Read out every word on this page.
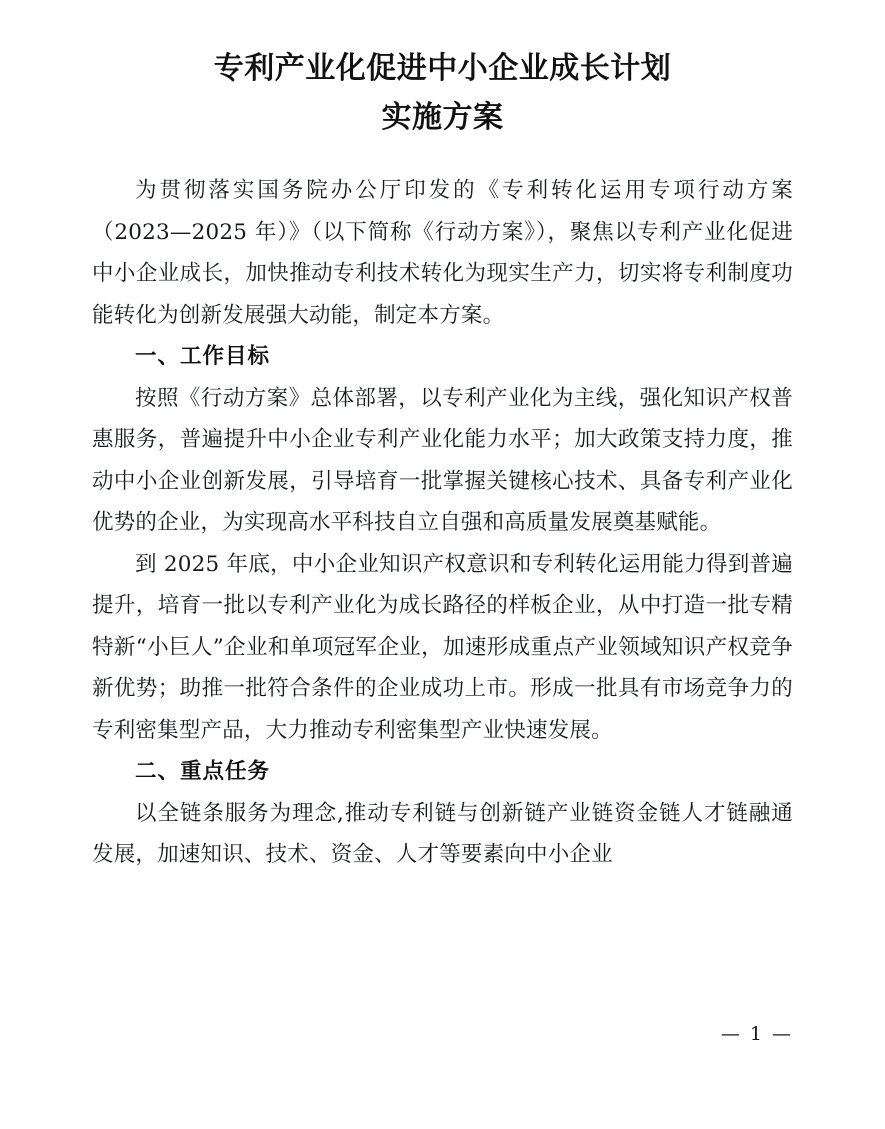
专利产业化促进中小企业成长计划
实施方案

为贯彻落实国务院办公厅印发的《专利转化运用专项行动方案（2023—2025 年）》（以下简称《行动方案》），聚焦以专利产业化促进中小企业成长，加快推动专利技术转化为现实生产力，切实将专利制度功能转化为创新发展强大动能，制定本方案。

一、工作目标

按照《行动方案》总体部署，以专利产业化为主线，强化知识产权普惠服务，普遍提升中小企业专利产业化能力水平；加大政策支持力度，推动中小企业创新发展，引导培育一批掌握关键核心技术、具备专利产业化优势的企业，为实现高水平科技自立自强和高质量发展奠基赋能。

到 2025 年底，中小企业知识产权意识和专利转化运用能力得到普遍提升，培育一批以专利产业化为成长路径的样板企业，从中打造一批专精特新“小巨人”企业和单项冠军企业，加速形成重点产业领域知识产权竞争新优势；助推一批符合条件的企业成功上市。形成一批具有市场竞争力的专利密集型产品，大力推动专利密集型产业快速发展。

二、重点任务

以全链条服务为理念,推动专利链与创新链产业链资金链人才链融通发展，加速知识、技术、资金、人才等要素向中小企业

— 1 —
